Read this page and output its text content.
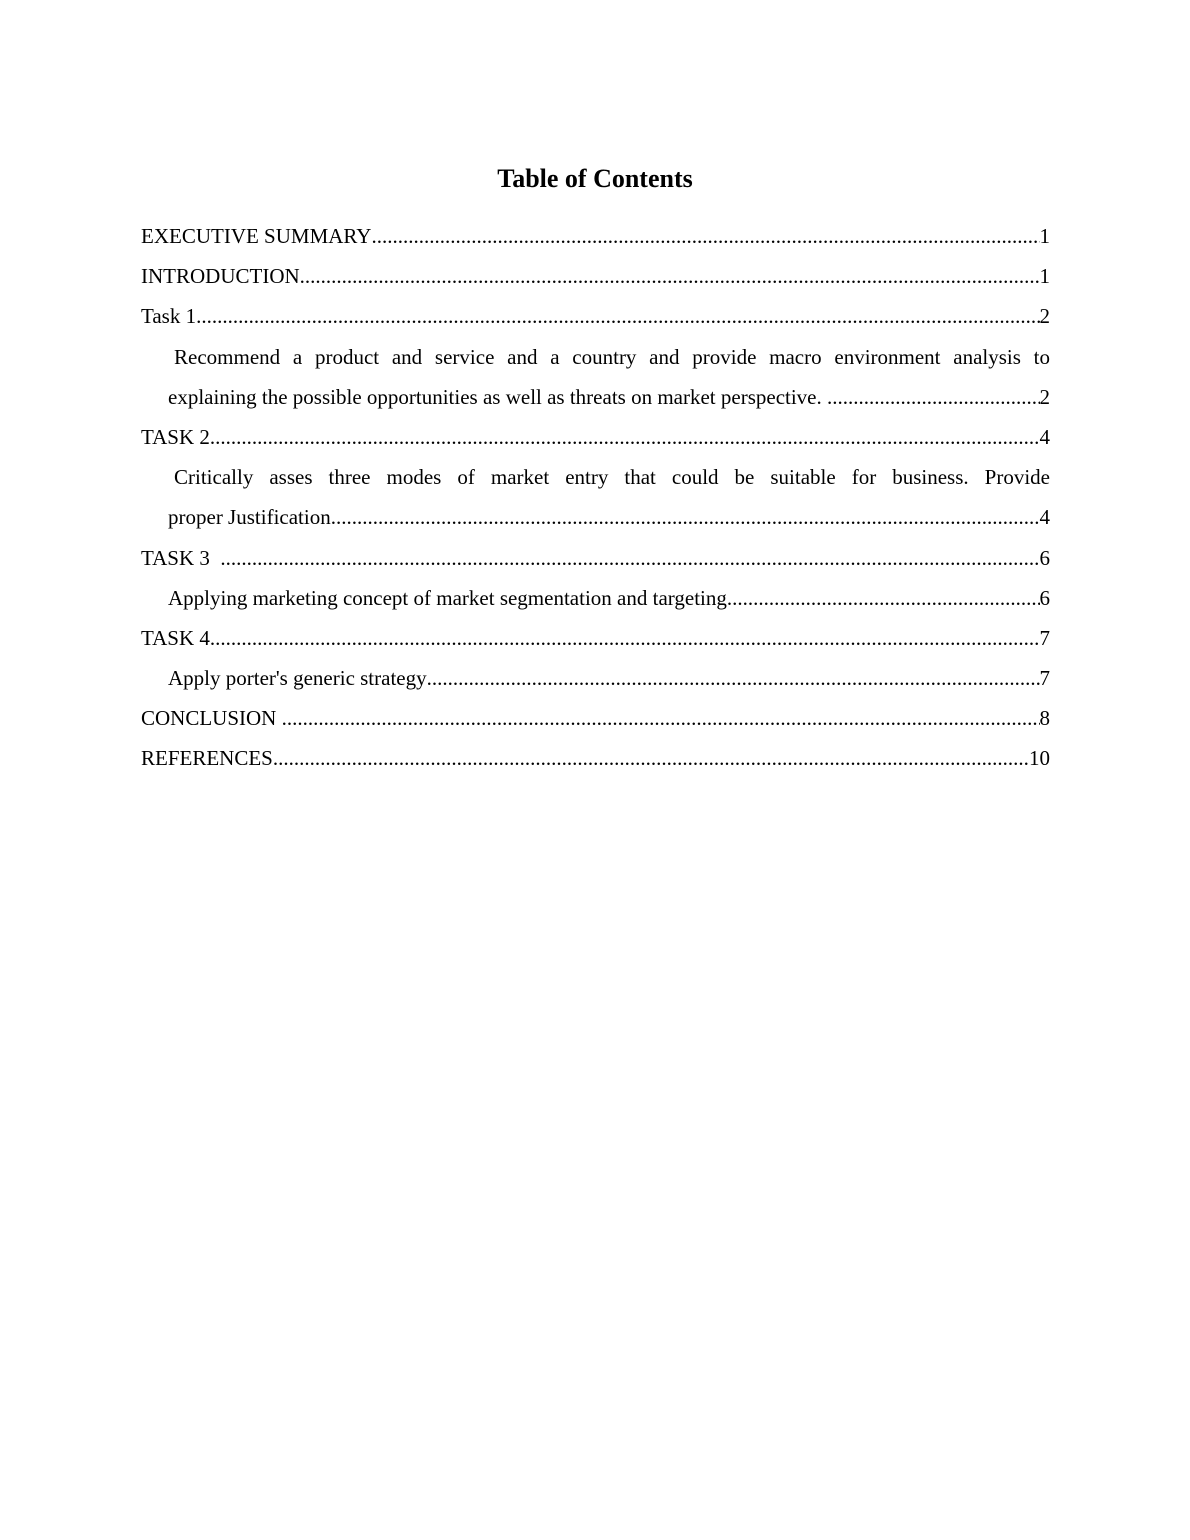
Table of Contents
EXECUTIVE SUMMARY .....	1
INTRODUCTION .....	1
Task 1 .....	2
Recommend a product and service and a country and provide macro environment analysis to
explaining the possible opportunities as well as threats on market perspective. .....	2
TASK 2 .....	4
Critically asses three modes of market entry that could be suitable for business. Provide
proper Justification .....	4
TASK 3 .....	6
Applying marketing concept of market segmentation and targeting .....	6
TASK 4 .....	7
Apply porter's generic strategy .....	7
CONCLUSION .....	8
REFERENCES .....	10
